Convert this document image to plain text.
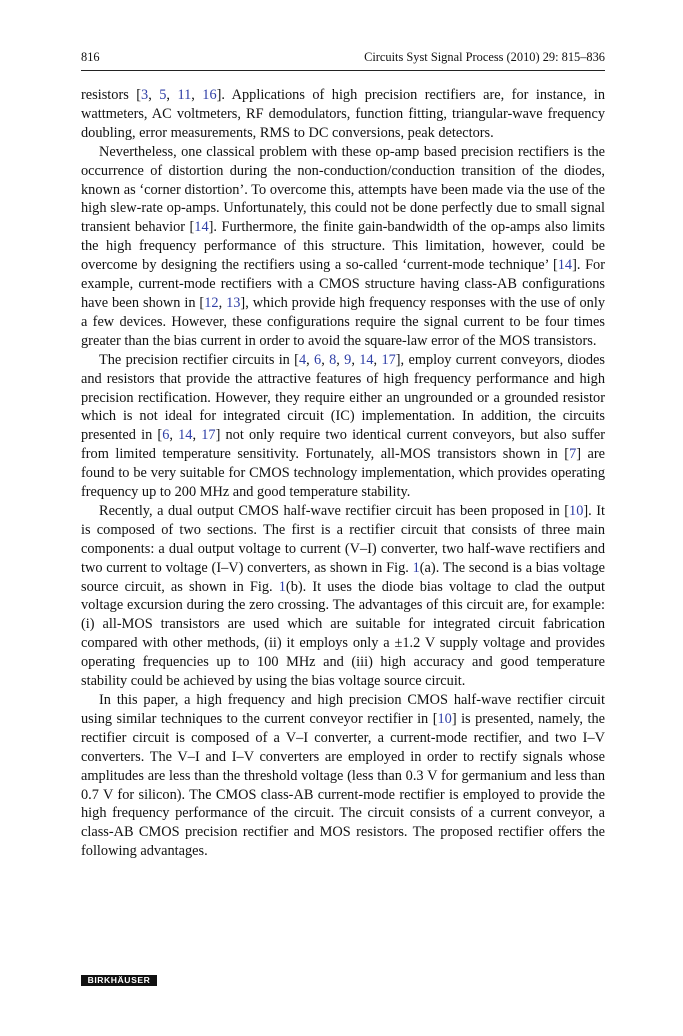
816	Circuits Syst Signal Process (2010) 29: 815–836

resistors [3, 5, 11, 16]. Applications of high precision rectifiers are, for instance, in wattmeters, AC voltmeters, RF demodulators, function fitting, triangular-wave frequency doubling, error measurements, RMS to DC conversions, peak detectors.

Nevertheless, one classical problem with these op-amp based precision rectifiers is the occurrence of distortion during the non-conduction/conduction transition of the diodes, known as ‘corner distortion’. To overcome this, attempts have been made via the use of the high slew-rate op-amps. Unfortunately, this could not be done perfectly due to small signal transient behavior [14]. Furthermore, the finite gain-bandwidth of the op-amps also limits the high frequency performance of this structure. This limitation, however, could be overcome by designing the rectifiers using a so-called ‘current-mode technique’ [14]. For example, current-mode rectifiers with a CMOS structure having class-AB configurations have been shown in [12, 13], which provide high frequency responses with the use of only a few devices. However, these configurations require the signal current to be four times greater than the bias current in order to avoid the square-law error of the MOS transistors.

The precision rectifier circuits in [4, 6, 8, 9, 14, 17], employ current conveyors, diodes and resistors that provide the attractive features of high frequency performance and high precision rectification. However, they require either an ungrounded or a grounded resistor which is not ideal for integrated circuit (IC) implementation. In addition, the circuits presented in [6, 14, 17] not only require two identical current conveyors, but also suffer from limited temperature sensitivity. Fortunately, all-MOS transistors shown in [7] are found to be very suitable for CMOS technology implementation, which provides operating frequency up to 200 MHz and good temperature stability.

Recently, a dual output CMOS half-wave rectifier circuit has been proposed in [10]. It is composed of two sections. The first is a rectifier circuit that consists of three main components: a dual output voltage to current (V–I) converter, two half-wave rectifiers and two current to voltage (I–V) converters, as shown in Fig. 1(a). The second is a bias voltage source circuit, as shown in Fig. 1(b). It uses the diode bias voltage to clad the output voltage excursion during the zero crossing. The advantages of this circuit are, for example: (i) all-MOS transistors are used which are suitable for integrated circuit fabrication compared with other methods, (ii) it employs only a ±1.2 V supply voltage and provides operating frequencies up to 100 MHz and (iii) high accuracy and good temperature stability could be achieved by using the bias voltage source circuit.

In this paper, a high frequency and high precision CMOS half-wave rectifier circuit using similar techniques to the current conveyor rectifier in [10] is presented, namely, the rectifier circuit is composed of a V–I converter, a current-mode rectifier, and two I–V converters. The V–I and I–V converters are employed in order to rectify signals whose amplitudes are less than the threshold voltage (less than 0.3 V for germanium and less than 0.7 V for silicon). The CMOS class-AB current-mode rectifier is employed to provide the high frequency performance of the circuit. The circuit consists of a current conveyor, a class-AB CMOS precision rectifier and MOS resistors. The proposed rectifier offers the following advantages.

BIRKHÄUSER
